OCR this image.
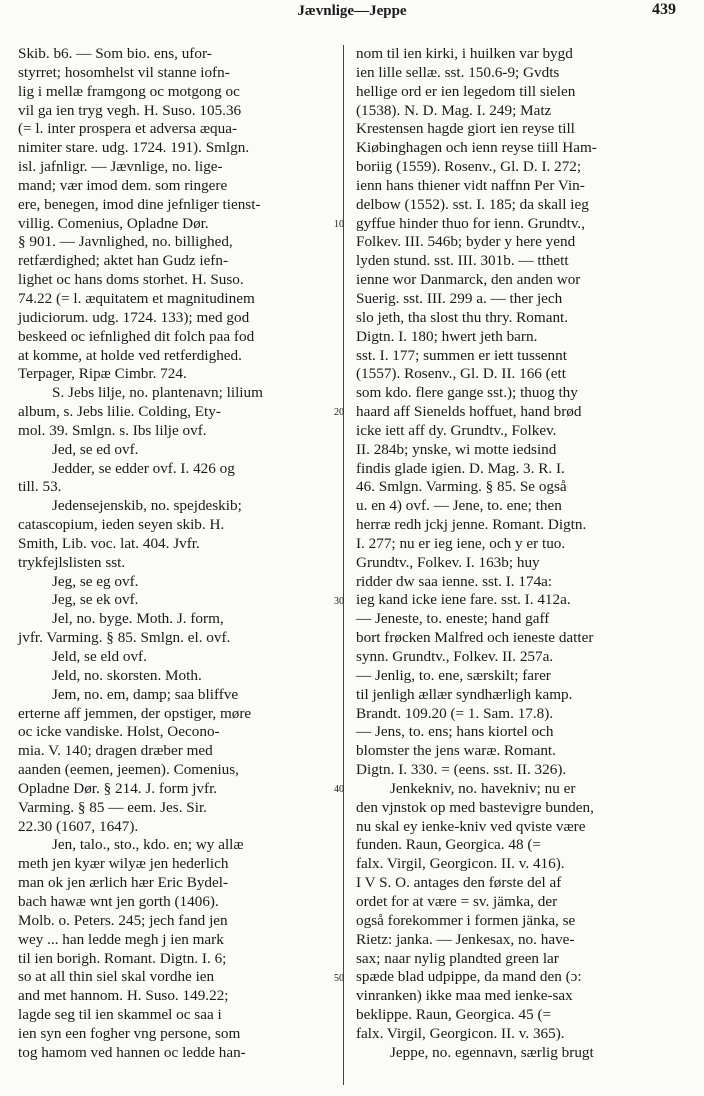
Jævnlige—Jeppe	439
Skib. b6. — Som bio. ens, ufor-
styrret; hosomhelst vil stanne iofn-
lig i mellæ framgong oc motgong oc
vil ga ien tryg vegh. H. Suso. 105.36
(= l. inter prospera et adversa æqua-
nimiter stare. udg. 1724. 191). Smlgn.
isl. jafnligr. — Jævnlige, no. lige-
mand; vær imod dem. som ringere
ere, benegen, imod dine jefnliger tienst-
villig. Comenius, Opladne Dør.
§ 901. — Javnlighed, no. billighed,
retfærdighed; aktet han Gudz iefn-
lighet oc hans doms storhet. H. Suso.
74.22 (= l. æquitatem et magnitudinem
judiciorum. udg. 1724. 133); med god
beskeed oc iefnlighed dit folch paa fod
at komme, at holde ved retferdighed.
Terpager, Ripæ Cimbr. 724.
S. Jebs lilje, no. plantenavn; lilium
album, s. Jebs lilie. Colding, Ety-
mol. 39. Smlgn. s. Ibs lilje ovf.
Jed, se ed ovf.
Jedder, se edder ovf. I. 426 og
till. 53.
Jedensejenskib, no. spejdeskib;
catascopium, ieden seyen skib. H.
Smith, Lib. voc. lat. 404. Jvfr.
trykfejlslisten sst.
Jeg, se eg ovf.
Jeg, se ek ovf.
Jel, no. byge. Moth. J. form,
jvfr. Varming. § 85. Smlgn. el. ovf.
Jeld, se eld ovf.
Jeld, no. skorsten. Moth.
Jem, no. em, damp; saa bliffve
erterne aff jemmen, der opstiger, møre
oc icke vandiske. Holst, Oecono-
mia. V. 140; dragen dræber med
aanden (eemen, jeemen). Comenius,
Opladne Dør. § 214. J. form jvfr.
Varming. § 85 — eem. Jes. Sir.
22.30 (1607, 1647).
Jen, talo., sto., kdo. en; wy allæ
meth jen kyær wilyæ jen hederlich
man ok jen ærlich hær Eric Bydel-
bach hawæ wnt jen gorth (1406).
Molb. o. Peters. 245; jech fand jen
wey ... han ledde megh j ien mark
til ien borigh. Romant. Digtn. I. 6;
so at all thin siel skal vordhe ien
and met hannom. H. Suso. 149.22;
lagde seg til ien skammel oc saa i
ien syn een fogher vng persone, som
tog hamom ved hannen oc ledde han-
nom til ien kirki, i huilken var bygd
ien lille sellæ. sst. 150.6-9; Gvdts
hellige ord er ien legedom till sielen
(1538). N. D. Mag. I. 249; Matz
Krestensen hagde giort ien reyse till
Kiøbinghagen och ienn reyse tiill Ham-
boriig (1559). Rosenv., Gl. D. I. 272;
ienn hans thiener vidt naffnn Per Vin-
delbow (1552). sst. I. 185; da skall ieg
gyffue hinder thuo for ienn. Grundtv.,
Folkev. III. 546b; byder y here yend
lyden stund. sst. III. 301b. — tthett
ienne wor Danmarck, den anden wor
Suerig. sst. III. 299 a. — ther jech
slo jeth, tha slost thu thry. Romant.
Digtn. I. 180; hwert jeth barn.
sst. I. 177; summen er iett tussennt
(1557). Rosenv., Gl. D. II. 166 (ett
som kdo. flere gange sst.); thuog thy
haard aff Sienelds hoffuet, hand brød
icke iett aff dy. Grundtv., Folkev.
II. 284b; ynske, wi motte iedsind
findis glade igien. D. Mag. 3. R. I.
46. Smlgn. Varming. § 85. Se også
u. en 4) ovf. — Jene, to. ene; then
herræ redh jckj jenne. Romant. Digtn.
I. 277; nu er ieg iene, och y er tuo.
Grundtv., Folkev. I. 163b; huy
ridder dw saa ienne. sst. I. 174a:
ieg kand icke iene fare. sst. I. 412a.
— Jeneste, to. eneste; hand gaff
bort frøcken Malfred och ieneste datter
synn. Grundtv., Folkev. II. 257a.
— Jenlig, to. ene, særskilt; farer
til jenligh ællær syndhærligh kamp.
Brandt. 109.20 (= 1. Sam. 17.8).
— Jens, to. ens; hans kiortel och
blomster the jens waræ. Romant.
Digtn. I. 330. = (eens. sst. II. 326).
Jenkekniv, no. havekniv; nu er
den vjnstok op med bastevigre bunden,
nu skal ey ienke-kniv ved qviste være
funden. Raun, Georgica. 48 (=
falx. Virgil, Georgicon. II. v. 416).
I V S. O. antages den første del af
ordet for at være = sv. jämka, der
også forekommer i formen jänka, se
Rietz: janka. — Jenkesax, no. have-
sax; naar nylig plandted green lar
spæde blad udpippe, da mand den (ɔ:
vinranken) ikke maa med ienke-sax
beklippe. Raun, Georgica. 45 (=
falx. Virgil, Georgicon. II. v. 365).
Jeppe, no. egennavn, særlig brugt
10
20
30
40
50
